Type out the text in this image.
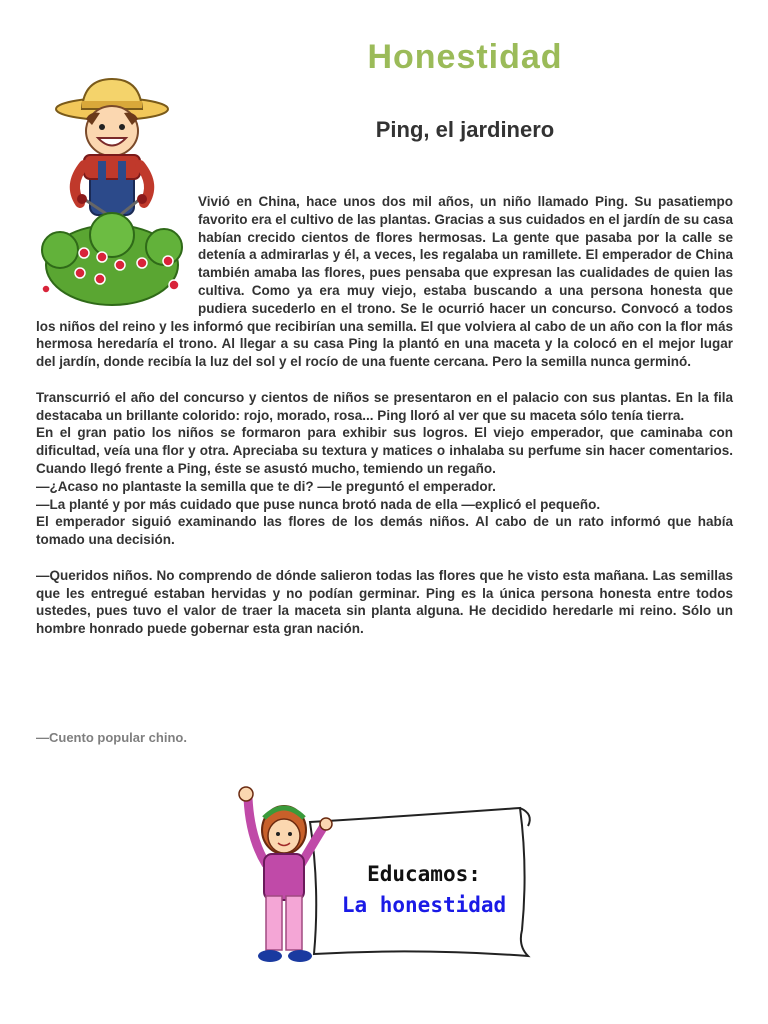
Honestidad
Ping, el jardinero

Vivió en China, hace unos dos mil años, un niño llamado Ping. Su pasatiempo favorito era el cultivo de las plantas. Gracias a sus cuidados en el jardín de su casa habían crecido cientos de flores hermosas. La gente que pasaba por la calle se detenía a admirarlas y él, a veces, les regalaba un ramillete. El emperador de China también amaba las flores, pues pensaba que expresan las cualidades de quien las cultiva. Como ya era muy viejo, estaba buscando a una persona honesta que pudiera sucederlo en el trono. Se le ocurrió hacer un concurso. Convocó a todos los niños del reino y les informó que recibirían una semilla. El que volviera al cabo de un año con la flor más hermosa heredaría el trono. Al llegar a su casa Ping la plantó en una maceta y la colocó en el mejor lugar del jardín, donde recibía la luz del sol y el rocío de una fuente cercana. Pero la semilla nunca germinó.

Transcurrió el año del concurso y cientos de niños se presentaron en el palacio con sus plantas. En la fila destacaba un brillante colorido: rojo, morado, rosa... Ping lloró al ver que su maceta sólo tenía tierra.
En el gran patio los niños se formaron para exhibir sus logros. El viejo emperador, que caminaba con dificultad, veía una flor y otra. Apreciaba su textura y matices o inhalaba su perfume sin hacer comentarios. Cuando llegó frente a Ping, éste se asustó mucho, temiendo un regaño.
—¿Acaso no plantaste la semilla que te di? —le preguntó el emperador.
—La planté y por más cuidado que puse nunca brotó nada de ella —explicó el pequeño.
El emperador siguió examinando las flores de los demás niños. Al cabo de un rato informó que había tomado una decisión.

—Queridos niños. No comprendo de dónde salieron todas las flores que he visto esta mañana. Las semillas que les entregué estaban hervidas y no podían germinar. Ping es la única persona honesta entre todos ustedes, pues tuvo el valor de traer la maceta sin planta alguna. He decidido heredarle mi reino. Sólo un hombre honrado puede gobernar esta gran nación.

—Cuento popular chino.

Educamos:
La honestidad
